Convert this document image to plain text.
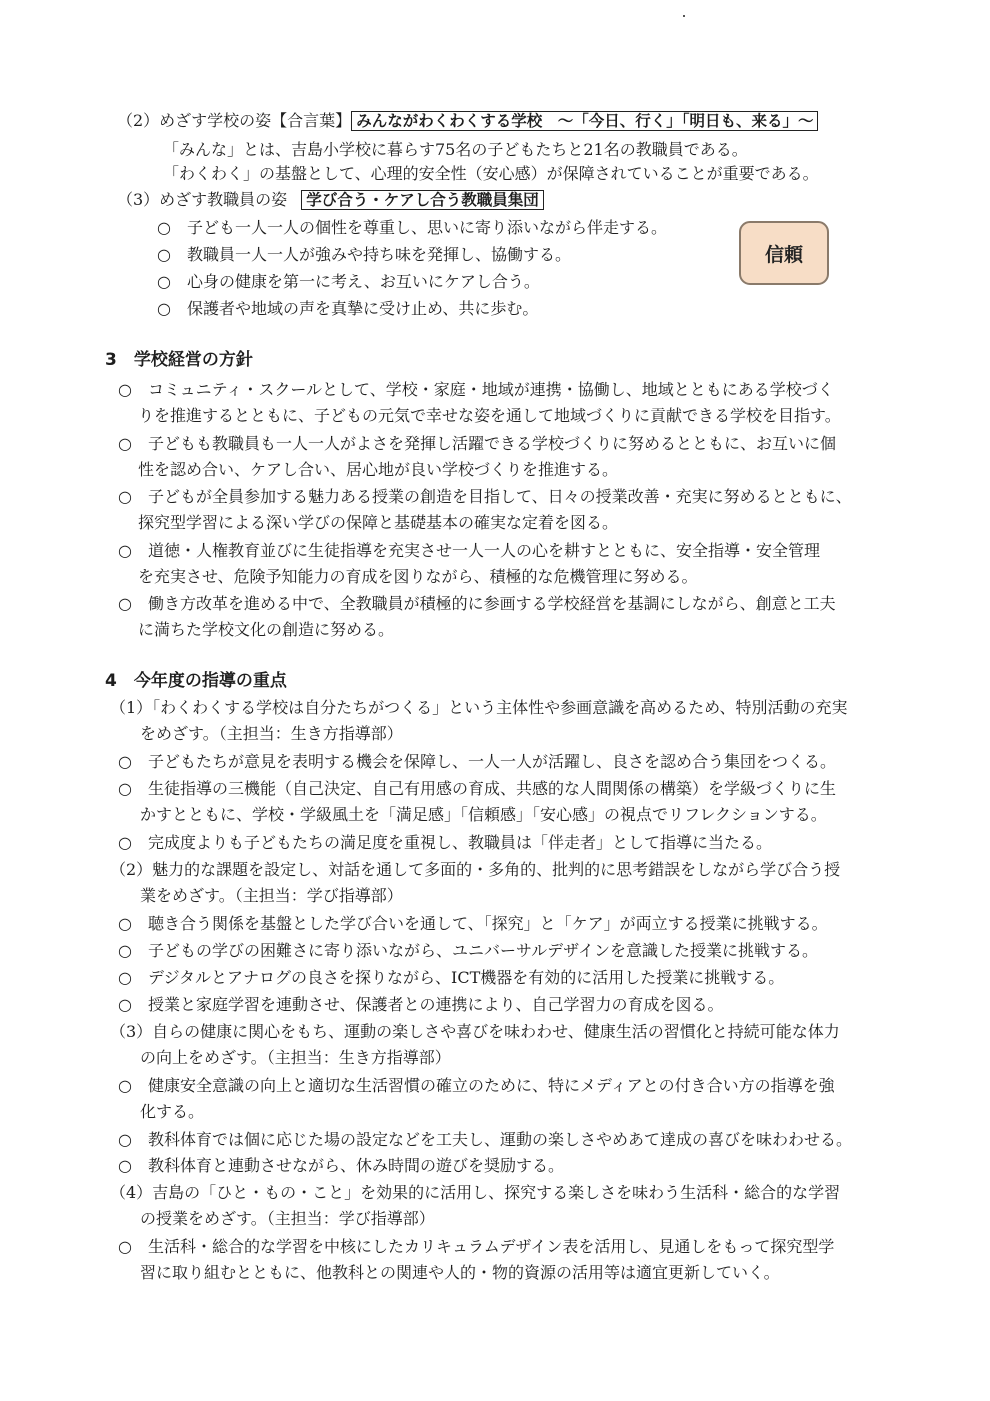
（2）めざす学校の姿【合言葉】 みんながわくわくする学校　～「今日、行く」「明日も、来る」～
「みんな」とは、吉島小学校に暮らす75名の子どもたちと21名の教職員である。
「わくわく」の基盤として、心理的安全性（安心感）が保障されていることが重要である。
（3）めざす教職員の姿 学び合う・ケアし合う教職員集団
○　子ども一人一人の個性を尊重し、思いに寄り添いながら伴走する。
○　教職員一人一人が強みや持ち味を発揮し、協働する。
○　心身の健康を第一に考え、お互いにケアし合う。
○　保護者や地域の声を真摯に受け止め、共に歩む。
信頼
3　学校経営の方針
○　コミュニティ・スクールとして、学校・家庭・地域が連携・協働し、地域とともにある学校づく
りを推進するとともに、子どもの元気で幸せな姿を通して地域づくりに貢献できる学校を目指す。
○　子どもも教職員も一人一人がよさを発揮し活躍できる学校づくりに努めるとともに、お互いに個
性を認め合い、ケアし合い、居心地が良い学校づくりを推進する。
○　子どもが全員参加する魅力ある授業の創造を目指して、日々の授業改善・充実に努めるとともに、
探究型学習による深い学びの保障と基礎基本の確実な定着を図る。
○　道徳・人権教育並びに生徒指導を充実させ一人一人の心を耕すとともに、安全指導・安全管理
を充実させ、危険予知能力の育成を図りながら、積極的な危機管理に努める。
○　働き方改革を進める中で、全教職員が積極的に参画する学校経営を基調にしながら、創意と工夫
に満ちた学校文化の創造に努める。
4　今年度の指導の重点
（1）「わくわくする学校は自分たちがつくる」という主体性や参画意識を高めるため、特別活動の充実
をめざす。（主担当：生き方指導部）
○　子どもたちが意見を表明する機会を保障し、一人一人が活躍し、良さを認め合う集団をつくる。
○　生徒指導の三機能（自己決定、自己有用感の育成、共感的な人間関係の構築）を学級づくりに生
かすとともに、学校・学級風土を「満足感」「信頼感」「安心感」の視点でリフレクションする。
○　完成度よりも子どもたちの満足度を重視し、教職員は「伴走者」として指導に当たる。
（2）魅力的な課題を設定し、対話を通して多面的・多角的、批判的に思考錯誤をしながら学び合う授
業をめざす。（主担当：学び指導部）
○　聴き合う関係を基盤とした学び合いを通して、「探究」と「ケア」が両立する授業に挑戦する。
○　子どもの学びの困難さに寄り添いながら、ユニバーサルデザインを意識した授業に挑戦する。
○　デジタルとアナログの良さを探りながら、ICT機器を有効的に活用した授業に挑戦する。
○　授業と家庭学習を連動させ、保護者との連携により、自己学習力の育成を図る。
（3）自らの健康に関心をもち、運動の楽しさや喜びを味わわせ、健康生活の習慣化と持続可能な体力
の向上をめざす。（主担当：生き方指導部）
○　健康安全意識の向上と適切な生活習慣の確立のために、特にメディアとの付き合い方の指導を強
化する。
○　教科体育では個に応じた場の設定などを工夫し、運動の楽しさやめあて達成の喜びを味わわせる。
○　教科体育と連動させながら、休み時間の遊びを奨励する。
（4）吉島の「ひと・もの・こと」を効果的に活用し、探究する楽しさを味わう生活科・総合的な学習
の授業をめざす。（主担当：学び指導部）
○　生活科・総合的な学習を中核にしたカリキュラムデザイン表を活用し、見通しをもって探究型学
習に取り組むとともに、他教科との関連や人的・物的資源の活用等は適宜更新していく。
